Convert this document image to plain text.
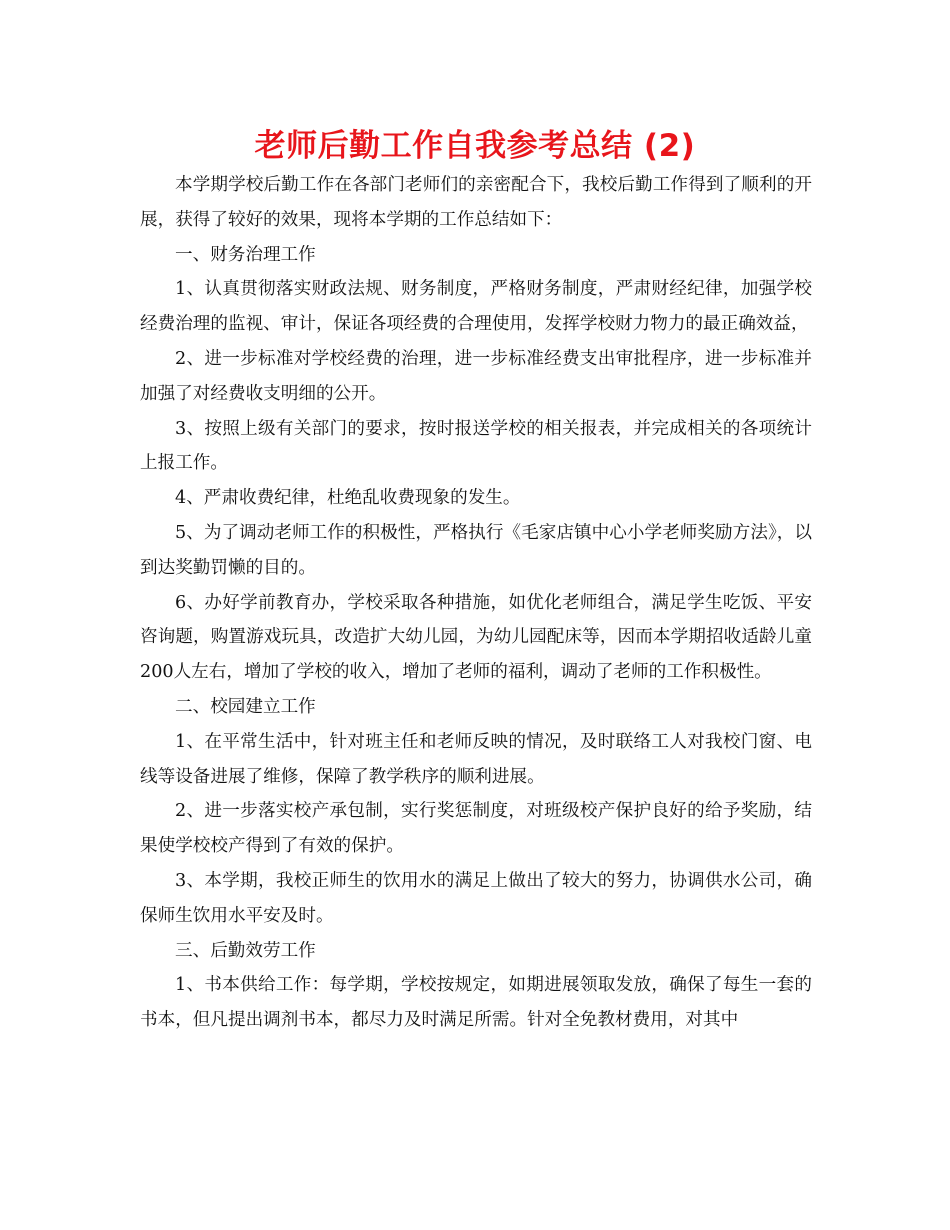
老师后勤工作自我参考总结 (2)

本学期学校后勤工作在各部门老师们的亲密配合下，我校后勤工作得到了顺利的开展，获得了较好的效果，现将本学期的工作总结如下：

一、财务治理工作

1、认真贯彻落实财政法规、财务制度，严格财务制度，严肃财经纪律，加强学校经费治理的监视、审计，保证各项经费的合理使用，发挥学校财力物力的最正确效益，

2、进一步标准对学校经费的治理，进一步标准经费支出审批程序，进一步标准并加强了对经费收支明细的公开。

3、按照上级有关部门的要求，按时报送学校的相关报表，并完成相关的各项统计上报工作。

4、严肃收费纪律，杜绝乱收费现象的发生。

5、为了调动老师工作的积极性，严格执行《毛家店镇中心小学老师奖励方法》，以到达奖勤罚懒的目的。

6、办好学前教育办，学校采取各种措施，如优化老师组合，满足学生吃饭、平安咨询题，购置游戏玩具，改造扩大幼儿园，为幼儿园配床等，因而本学期招收适龄儿童200人左右，增加了学校的收入，增加了老师的福利，调动了老师的工作积极性。

二、校园建立工作

1、在平常生活中，针对班主任和老师反映的情况，及时联络工人对我校门窗、电线等设备进展了维修，保障了教学秩序的顺利进展。

2、进一步落实校产承包制，实行奖惩制度，对班级校产保护良好的给予奖励，结果使学校校产得到了有效的保护。

3、本学期，我校正师生的饮用水的满足上做出了较大的努力，协调供水公司，确保师生饮用水平安及时。

三、后勤效劳工作

1、书本供给工作：每学期，学校按规定，如期进展领取发放，确保了每生一套的书本，但凡提出调剂书本，都尽力及时满足所需。针对全免教材费用，对其中
